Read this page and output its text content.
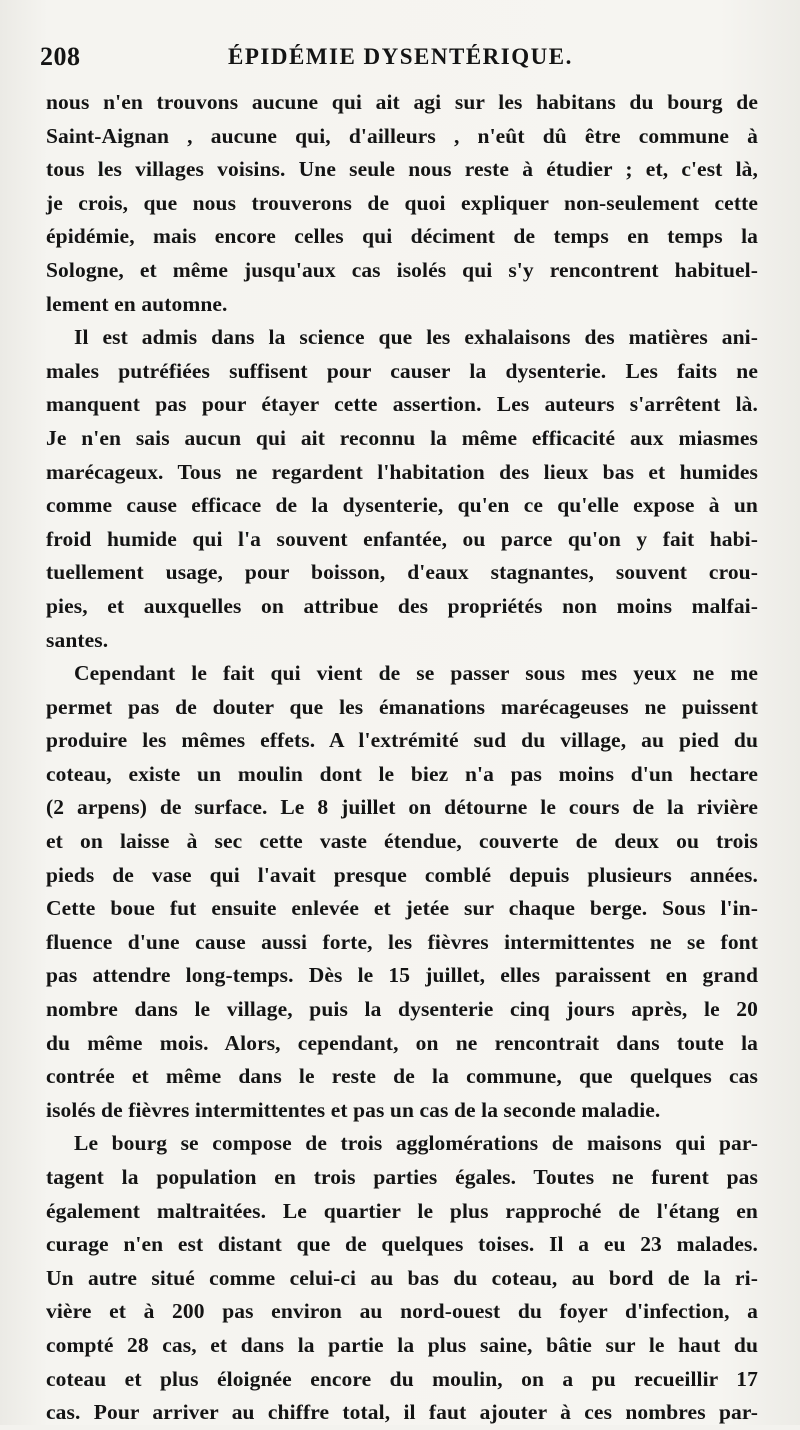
208	ÉPIDÉMIE DYSENTÉRIQUE.
nous n'en trouvons aucune qui ait agi sur les habitans du bourg de
Saint-Aignan , aucune qui, d'ailleurs , n'eût dû être commune à
tous les villages voisins. Une seule nous reste à étudier ; et, c'est là,
je crois, que nous trouverons de quoi expliquer non-seulement cette
épidémie, mais encore celles qui déciment de temps en temps la
Sologne, et même jusqu'aux cas isolés qui s'y rencontrent habituel-
lement en automne.
Il est admis dans la science que les exhalaisons des matières ani-
males putréfiées suffisent pour causer la dysenterie. Les faits ne
manquent pas pour étayer cette assertion. Les auteurs s'arrêtent là.
Je n'en sais aucun qui ait reconnu la même efficacité aux miasmes
marécageux. Tous ne regardent l'habitation des lieux bas et humides
comme cause efficace de la dysenterie, qu'en ce qu'elle expose à un
froid humide qui l'a souvent enfantée, ou parce qu'on y fait habi-
tuellement usage, pour boisson, d'eaux stagnantes, souvent crou-
pies, et auxquelles on attribue des propriétés non moins malfai-
santes.
Cependant le fait qui vient de se passer sous mes yeux ne me
permet pas de douter que les émanations marécageuses ne puissent
produire les mêmes effets. A l'extrémité sud du village, au pied du
coteau, existe un moulin dont le biez n'a pas moins d'un hectare
(2 arpens) de surface. Le 8 juillet on détourne le cours de la rivière
et on laisse à sec cette vaste étendue, couverte de deux ou trois
pieds de vase qui l'avait presque comblé depuis plusieurs années.
Cette boue fut ensuite enlevée et jetée sur chaque berge. Sous l'in-
fluence d'une cause aussi forte, les fièvres intermittentes ne se font
pas attendre long-temps. Dès le 15 juillet, elles paraissent en grand
nombre dans le village, puis la dysenterie cinq jours après, le 20
du même mois. Alors, cependant, on ne rencontrait dans toute la
contrée et même dans le reste de la commune, que quelques cas
isolés de fièvres intermittentes et pas un cas de la seconde maladie.
Le bourg se compose de trois agglomérations de maisons qui par-
tagent la population en trois parties égales. Toutes ne furent pas
également maltraitées. Le quartier le plus rapproché de l'étang en
curage n'en est distant que de quelques toises. Il a eu 23 malades.
Un autre situé comme celui-ci au bas du coteau, au bord de la ri-
vière et à 200 pas environ au nord-ouest du foyer d'infection, a
compté 28 cas, et dans la partie la plus saine, bâtie sur le haut du
coteau et plus éloignée encore du moulin, on a pu recueillir 17
cas. Pour arriver au chiffre total, il faut ajouter à ces nombres par-
